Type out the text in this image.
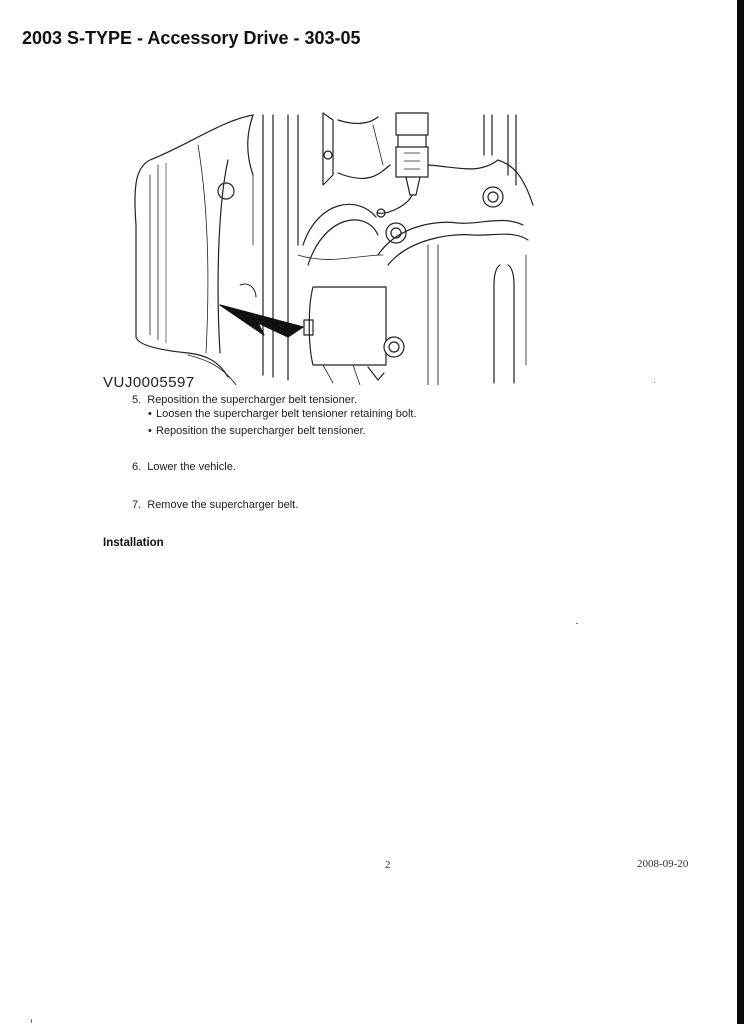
2003 S-TYPE - Accessory Drive - 303-05
VUJ0005597
5. Reposition the supercharger belt tensioner.
• Loosen the supercharger belt tensioner retaining bolt.
• Reposition the supercharger belt tensioner.
6. Lower the vehicle.
7. Remove the supercharger belt.
Installation
2	2008-09-20
